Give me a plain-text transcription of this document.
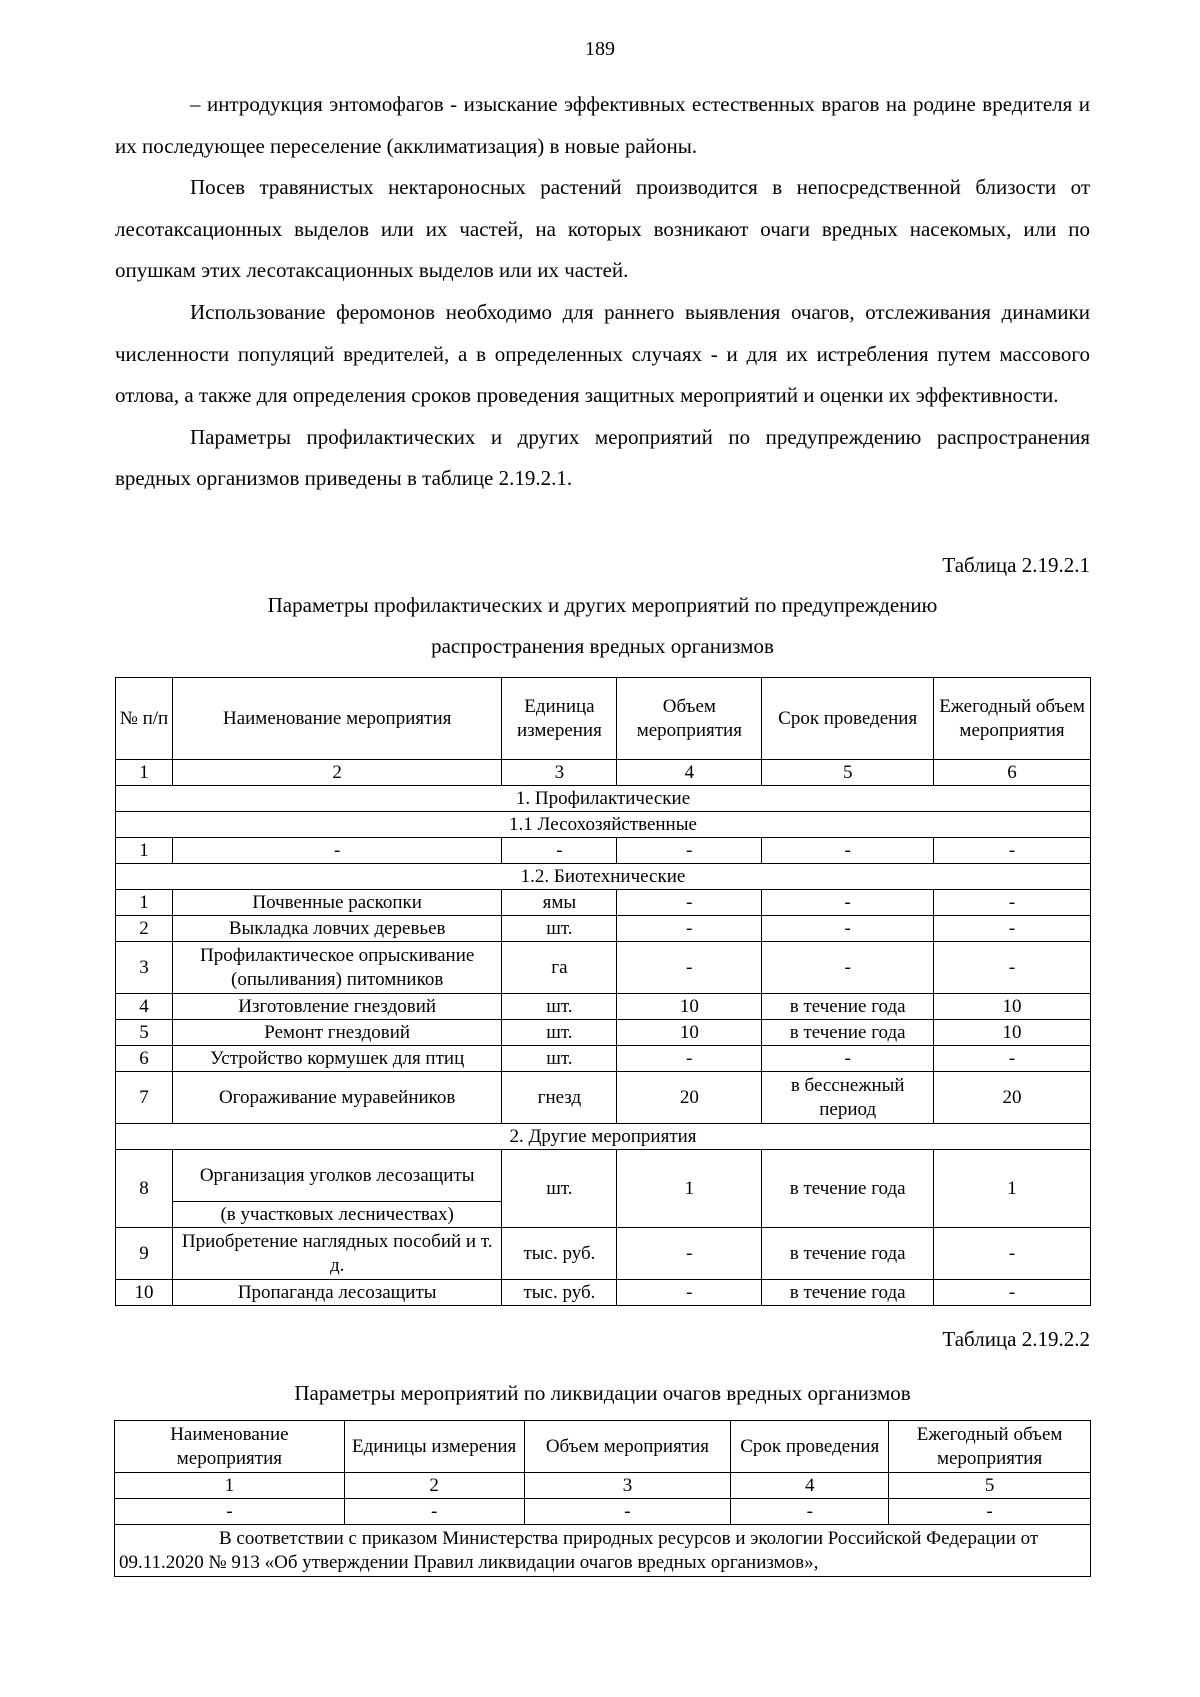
189

– интродукция энтомофагов - изыскание эффективных естественных врагов на родине вредителя и их последующее переселение (акклиматизация) в новые районы.

Посев травянистых нектароносных растений производится в непосредственной близости от лесотаксационных выделов или их частей, на которых возникают очаги вредных насекомых, или по опушкам этих лесотаксационных выделов или их частей.

Использование феромонов необходимо для раннего выявления очагов, отслеживания динамики численности популяций вредителей, а в определенных случаях - и для их истребления путем массового отлова, а также для определения сроков проведения защитных мероприятий и оценки их эффективности.

Параметры профилактических и других мероприятий по предупреждению распространения вредных организмов приведены в таблице 2.19.2.1.

Таблица 2.19.2.1
Параметры профилактических и других мероприятий по предупреждению
распространения вредных организмов
№ п/п	Наименование мероприятия	Единица измерения	Объем мероприятия	Срок проведения	Ежегодный объем мероприятия
1	2	3	4	5	6
1. Профилактические					
1.1 Лесохозяйственные					
1	-	-	-	-	-
1.2. Биотехнические					
1	Почвенные раскопки	ямы	-	-	-
2	Выкладка ловчих деревьев	шт.	-	-	-
3	Профилактическое опрыскивание (опыливания) питомников	га	-	-	-
4	Изготовление гнездовий	шт.	10	в течение года	10
5	Ремонт гнездовий	шт.	10	в течение года	10
6	Устройство кормушек для птиц	шт.	-	-	-
7	Огораживание муравейников	гнезд	20	в бесснежный период	20
2. Другие мероприятия					
8	Организация уголков лесозащиты	шт.	1	в течение года	1
	(в участковых лесничествах)				
9	Приобретение наглядных пособий и т. д.	тыс. руб.	-	в течение года	-
10	Пропаганда лесозащиты	тыс. руб.	-	в течение года	-
Таблица 2.19.2.2
Параметры мероприятий по ликвидации очагов вредных организмов
Наименование мероприятия	Единицы измерения	Объем мероприятия	Срок проведения	Ежегодный объем мероприятия
1	2	3	4	5
-	-	-	-	-
В соответствии с приказом Министерства природных ресурсов и экологии Российской Федерации от 09.11.2020 № 913 «Об утверждении Правил ликвидации очагов вредных организмов»,				
